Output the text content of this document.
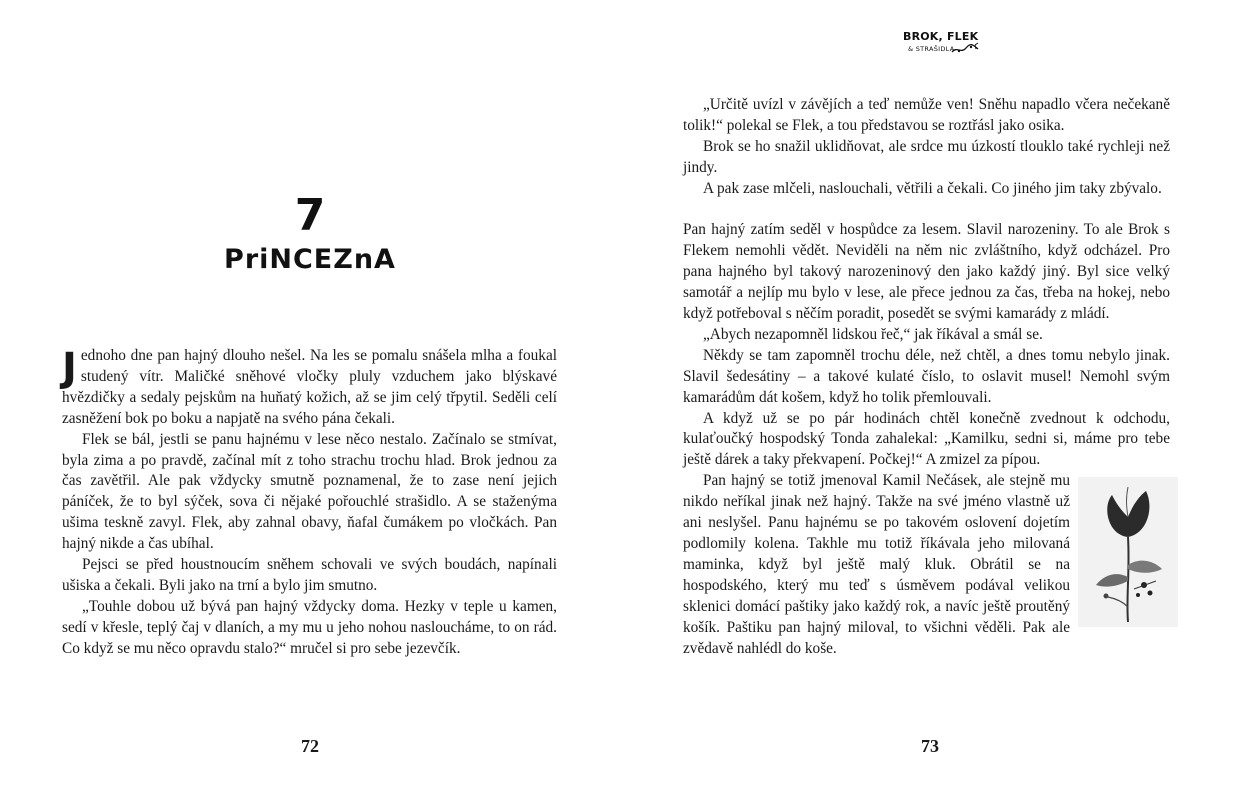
7
PriNCEZnA

Jednoho dne pan hajný dlouho nešel. Na les se pomalu snášela mlha a foukal studený vítr. Maličké sněhové vločky pluly vzduchem jako blýskavé hvězdičky a sedaly pejskům na huňatý kožich, až se jim celý třpytil. Seděli celí zasněžení bok po boku a napjatě na svého pána čekali.

Flek se bál, jestli se panu hajnému v lese něco nestalo. Začínalo se stmívat, byla zima a po pravdě, začínal mít z toho strachu trochu hlad. Brok jednou za čas zavětřil. Ale pak vždycky smutně poznamenal, že to zase není jejich páníček, že to byl sýček, sova či nějaké pořouchlé strašidlo. A se staženýma ušima teskně zavyl. Flek, aby zahnal obavy, ňafal čumákem po vločkách. Pan hajný nikde a čas ubíhal.

Pejsci se před houstnoucím sněhem schovali ve svých boudách, napínali ušiska a čekali. Byli jako na trní a bylo jim smutno.

„Touhle dobou už bývá pan hajný vždycky doma. Hezky v teple u kamen, sedí v křesle, teplý čaj v dlaních, a my mu u jeho nohou nasloucháme, to on rád. Co když se mu něco opravdu stalo?“ mručel si pro sebe jezevčík.

72
BROK, FLEK
& STRAŠIDLA

„Určitě uvízl v závějích a teď nemůže ven! Sněhu napadlo včera nečekaně tolik!“ polekal se Flek, a tou představou se roztřásl jako osika.

Brok se ho snažil uklidňovat, ale srdce mu úzkostí tlouklo také rychleji než jindy.

A pak zase mlčeli, naslouchali, větřili a čekali. Co jiného jim taky zbývalo.

Pan hajný zatím seděl v hospůdce za lesem. Slavil narozeniny. To ale Brok s Flekem nemohli vědět. Neviděli na něm nic zvláštního, když odcházel. Pro pana hajného byl takový narozeninový den jako každý jiný. Byl sice velký samotář a nejlíp mu bylo v lese, ale přece jednou za čas, třeba na hokej, nebo když potřeboval s něčím poradit, posedět se svými kamarády z mládí.

„Abych nezapomněl lidskou řeč,“ jak říkával a smál se.

Někdy se tam zapomněl trochu déle, než chtěl, a dnes tomu nebylo jinak. Slavil šedesátiny – a takové kulaté číslo, to oslavit musel! Nemohl svým kamarádům dát košem, když ho tolik přemlouvali.

A když už se po pár hodinách chtěl konečně zvednout k odchodu, kulaťoučký hospodský Tonda zahalekal: „Kamilku, sedni si, máme pro tebe ještě dárek a taky překvapení. Počkej!“ A zmizel za pípou.

Pan hajný se totiž jmenoval Kamil Nečásek, ale stejně mu nikdo neříkal jinak než hajný. Takže na své jméno vlastně už ani neslyšel. Panu hajnému se po takovém oslovení dojetím podlomily kolena. Takhle mu totiž říkávala jeho milovaná maminka, když byl ještě malý kluk. Obrátil se na hospodského, který mu teď s úsměvem podával velikou sklenici domácí paštiky jako každý rok, a navíc ještě proutěný košík. Paštiku pan hajný miloval, to všichni věděli. Pak ale zvědavě nahlédl do koše.

73
